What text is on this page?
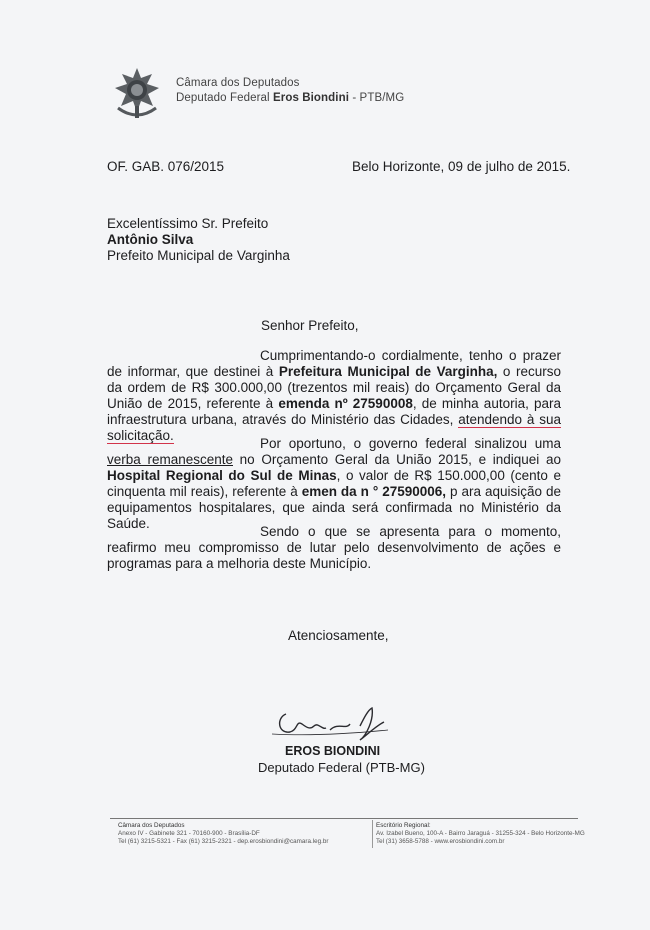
Câmara dos Deputados
Deputado Federal Eros Biondini - PTB/MG
OF. GAB. 076/2015	Belo Horizonte, 09 de julho de 2015.
Excelentíssimo Sr. Prefeito
Antônio Silva
Prefeito Municipal de Varginha
Senhor Prefeito,
Cumprimentando-o cordialmente, tenho o prazer de informar, que destinei à Prefeitura Municipal de Varginha, o recurso da ordem de R$ 300.000,00 (trezentos mil reais) do Orçamento Geral da União de 2015, referente à emenda nº 27590008, de minha autoria, para infraestrutura urbana, através do Ministério das Cidades, atendendo à sua solicitação.
Por oportuno, o governo federal sinalizou uma verba remanescente no Orçamento Geral da União 2015, e indiquei ao Hospital Regional do Sul de Minas, o valor de R$ 150.000,00 (cento e cinquenta mil reais), referente à emen da n ° 27590006, p ara aquisição de equipamentos hospitalares, que ainda será confirmada no Ministério da Saúde.
Sendo o que se apresenta para o momento, reafirmo meu compromisso de lutar pelo desenvolvimento de ações e programas para a melhoria deste Município.
Atenciosamente,
EROS BIONDINI
Deputado Federal (PTB-MG)
Câmara dos Deputados
Anexo IV - Gabinete 321 - 70160-900 - Brasília-DF
Tel (61) 3215-5321 - Fax (61) 3215-2321 - dep.erosbiondini@camara.leg.br
Escritório Regional:
Av. Izabel Bueno, 100-A - Bairro Jaraguá - 31255-324 - Belo Horizonte-MG
Tel (31) 3658-5788 - www.erosbiondini.com.br
